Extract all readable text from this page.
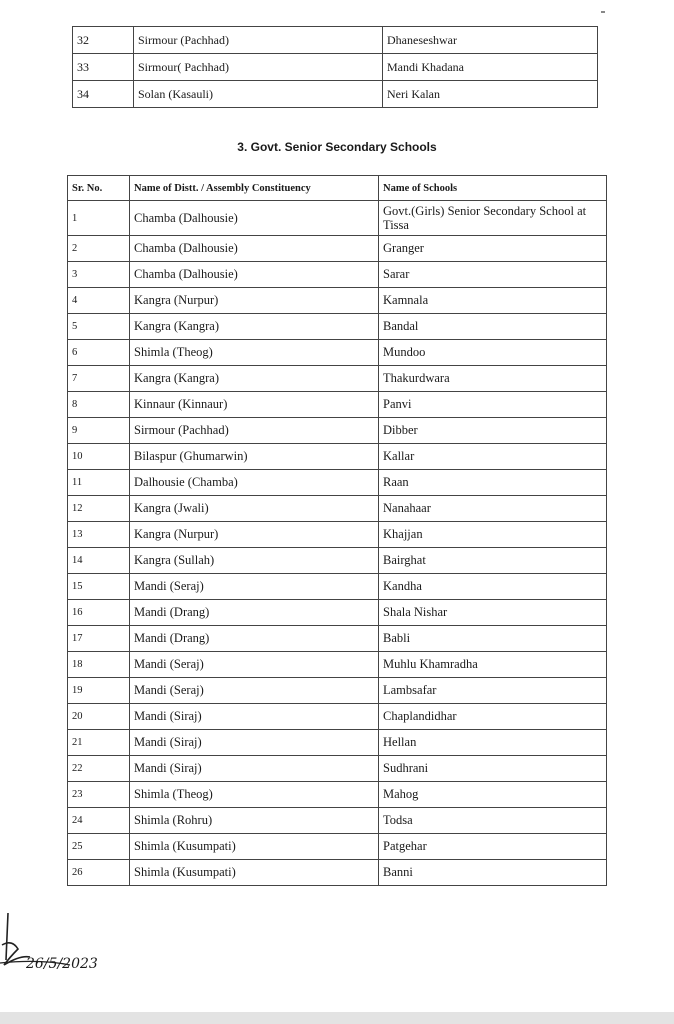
32	Sirmour (Pachhad)	Dhaneseshwar
33	Sirmour( Pachhad)	Mandi Khadana
34	Solan (Kasauli)	Neri Kalan
3. Govt. Senior Secondary Schools
Sr. No.	Name of Distt. / Assembly Constituency	Name of Schools
1	Chamba (Dalhousie)	Govt.(Girls) Senior Secondary School at Tissa
2	Chamba (Dalhousie)	Granger
3	Chamba (Dalhousie)	Sarar
4	Kangra (Nurpur)	Kamnala
5	Kangra (Kangra)	Bandal
6	Shimla (Theog)	Mundoo
7	Kangra (Kangra)	Thakurdwara
8	Kinnaur (Kinnaur)	Panvi
9	Sirmour (Pachhad)	Dibber
10	Bilaspur (Ghumarwin)	Kallar
11	Dalhousie (Chamba)	Raan
12	Kangra (Jwali)	Nanahaar
13	Kangra (Nurpur)	Khajjan
14	Kangra (Sullah)	Bairghat
15	Mandi (Seraj)	Kandha
16	Mandi (Drang)	Shala Nishar
17	Mandi (Drang)	Babli
18	Mandi (Seraj)	Muhlu Khamradha
19	Mandi (Seraj)	Lambsafar
20	Mandi (Siraj)	Chaplandidhar
21	Mandi (Siraj)	Hellan
22	Mandi (Siraj)	Sudhrani
23	Shimla (Theog)	Mahog
24	Shimla (Rohru)	Todsa
25	Shimla (Kusumpati)	Patgehar
26	Shimla (Kusumpati)	Banni
26/5/2023
